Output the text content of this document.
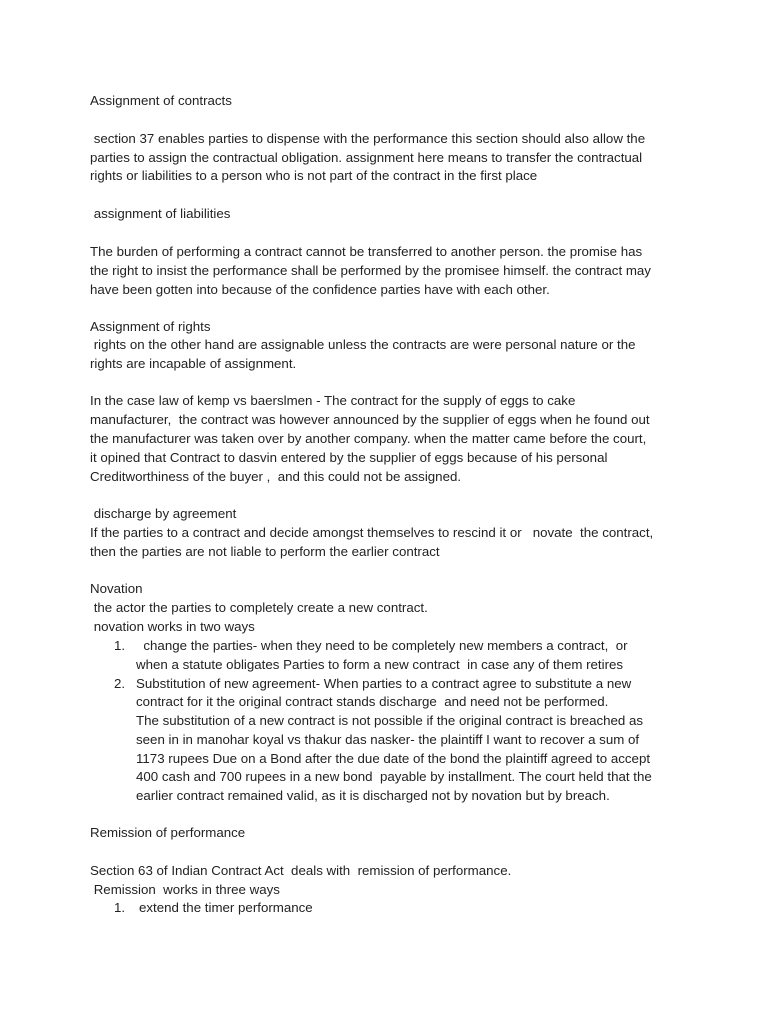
Assignment of contracts

section 37 enables parties to dispense with the performance this section should also allow the

parties to assign the contractual obligation. assignment here means to transfer the contractual

rights or liabilities to a person who is not part of the contract in the first place

assignment of liabilities

The burden of performing a contract cannot be transferred to another person. the promise has

the right to insist the performance shall be performed by the promisee himself. the contract may

have been gotten into because of the confidence parties have with each other.

Assignment of rights

rights on the other hand are assignable unless the contracts are were personal nature or the

rights are incapable of assignment.

In the case law of kemp vs baerslmen - The contract for the supply of eggs to cake

manufacturer,  the contract was however announced by the supplier of eggs when he found out

the manufacturer was taken over by another company. when the matter came before the court,

it opined that Contract to dasvin entered by the supplier of eggs because of his personal

Creditworthiness of the buyer ,  and this could not be assigned.

discharge by agreement

If the parties to a contract and decide amongst themselves to rescind it or   novate  the contract,

then the parties are not liable to perform the earlier contract

Novation

the actor the parties to completely create a new contract.

novation works in two ways

1. change the parties- when they need to be completely new members a contract,  or

when a statute obligates Parties to form a new contract  in case any of them retires

2. Substitution of new agreement- When parties to a contract agree to substitute a new

contract for it the original contract stands discharge  and need not be performed.

The substitution of a new contract is not possible if the original contract is breached as

seen in in manohar koyal vs thakur das nasker- the plaintiff I want to recover a sum of

1173 rupees Due on a Bond after the due date of the bond the plaintiff agreed to accept

400 cash and 700 rupees in a new bond  payable by installment. The court held that the

earlier contract remained valid, as it is discharged not by novation but by breach.

Remission of performance

Section 63 of Indian Contract Act  deals with  remission of performance.

Remission  works in three ways

1. extend the timer performance
